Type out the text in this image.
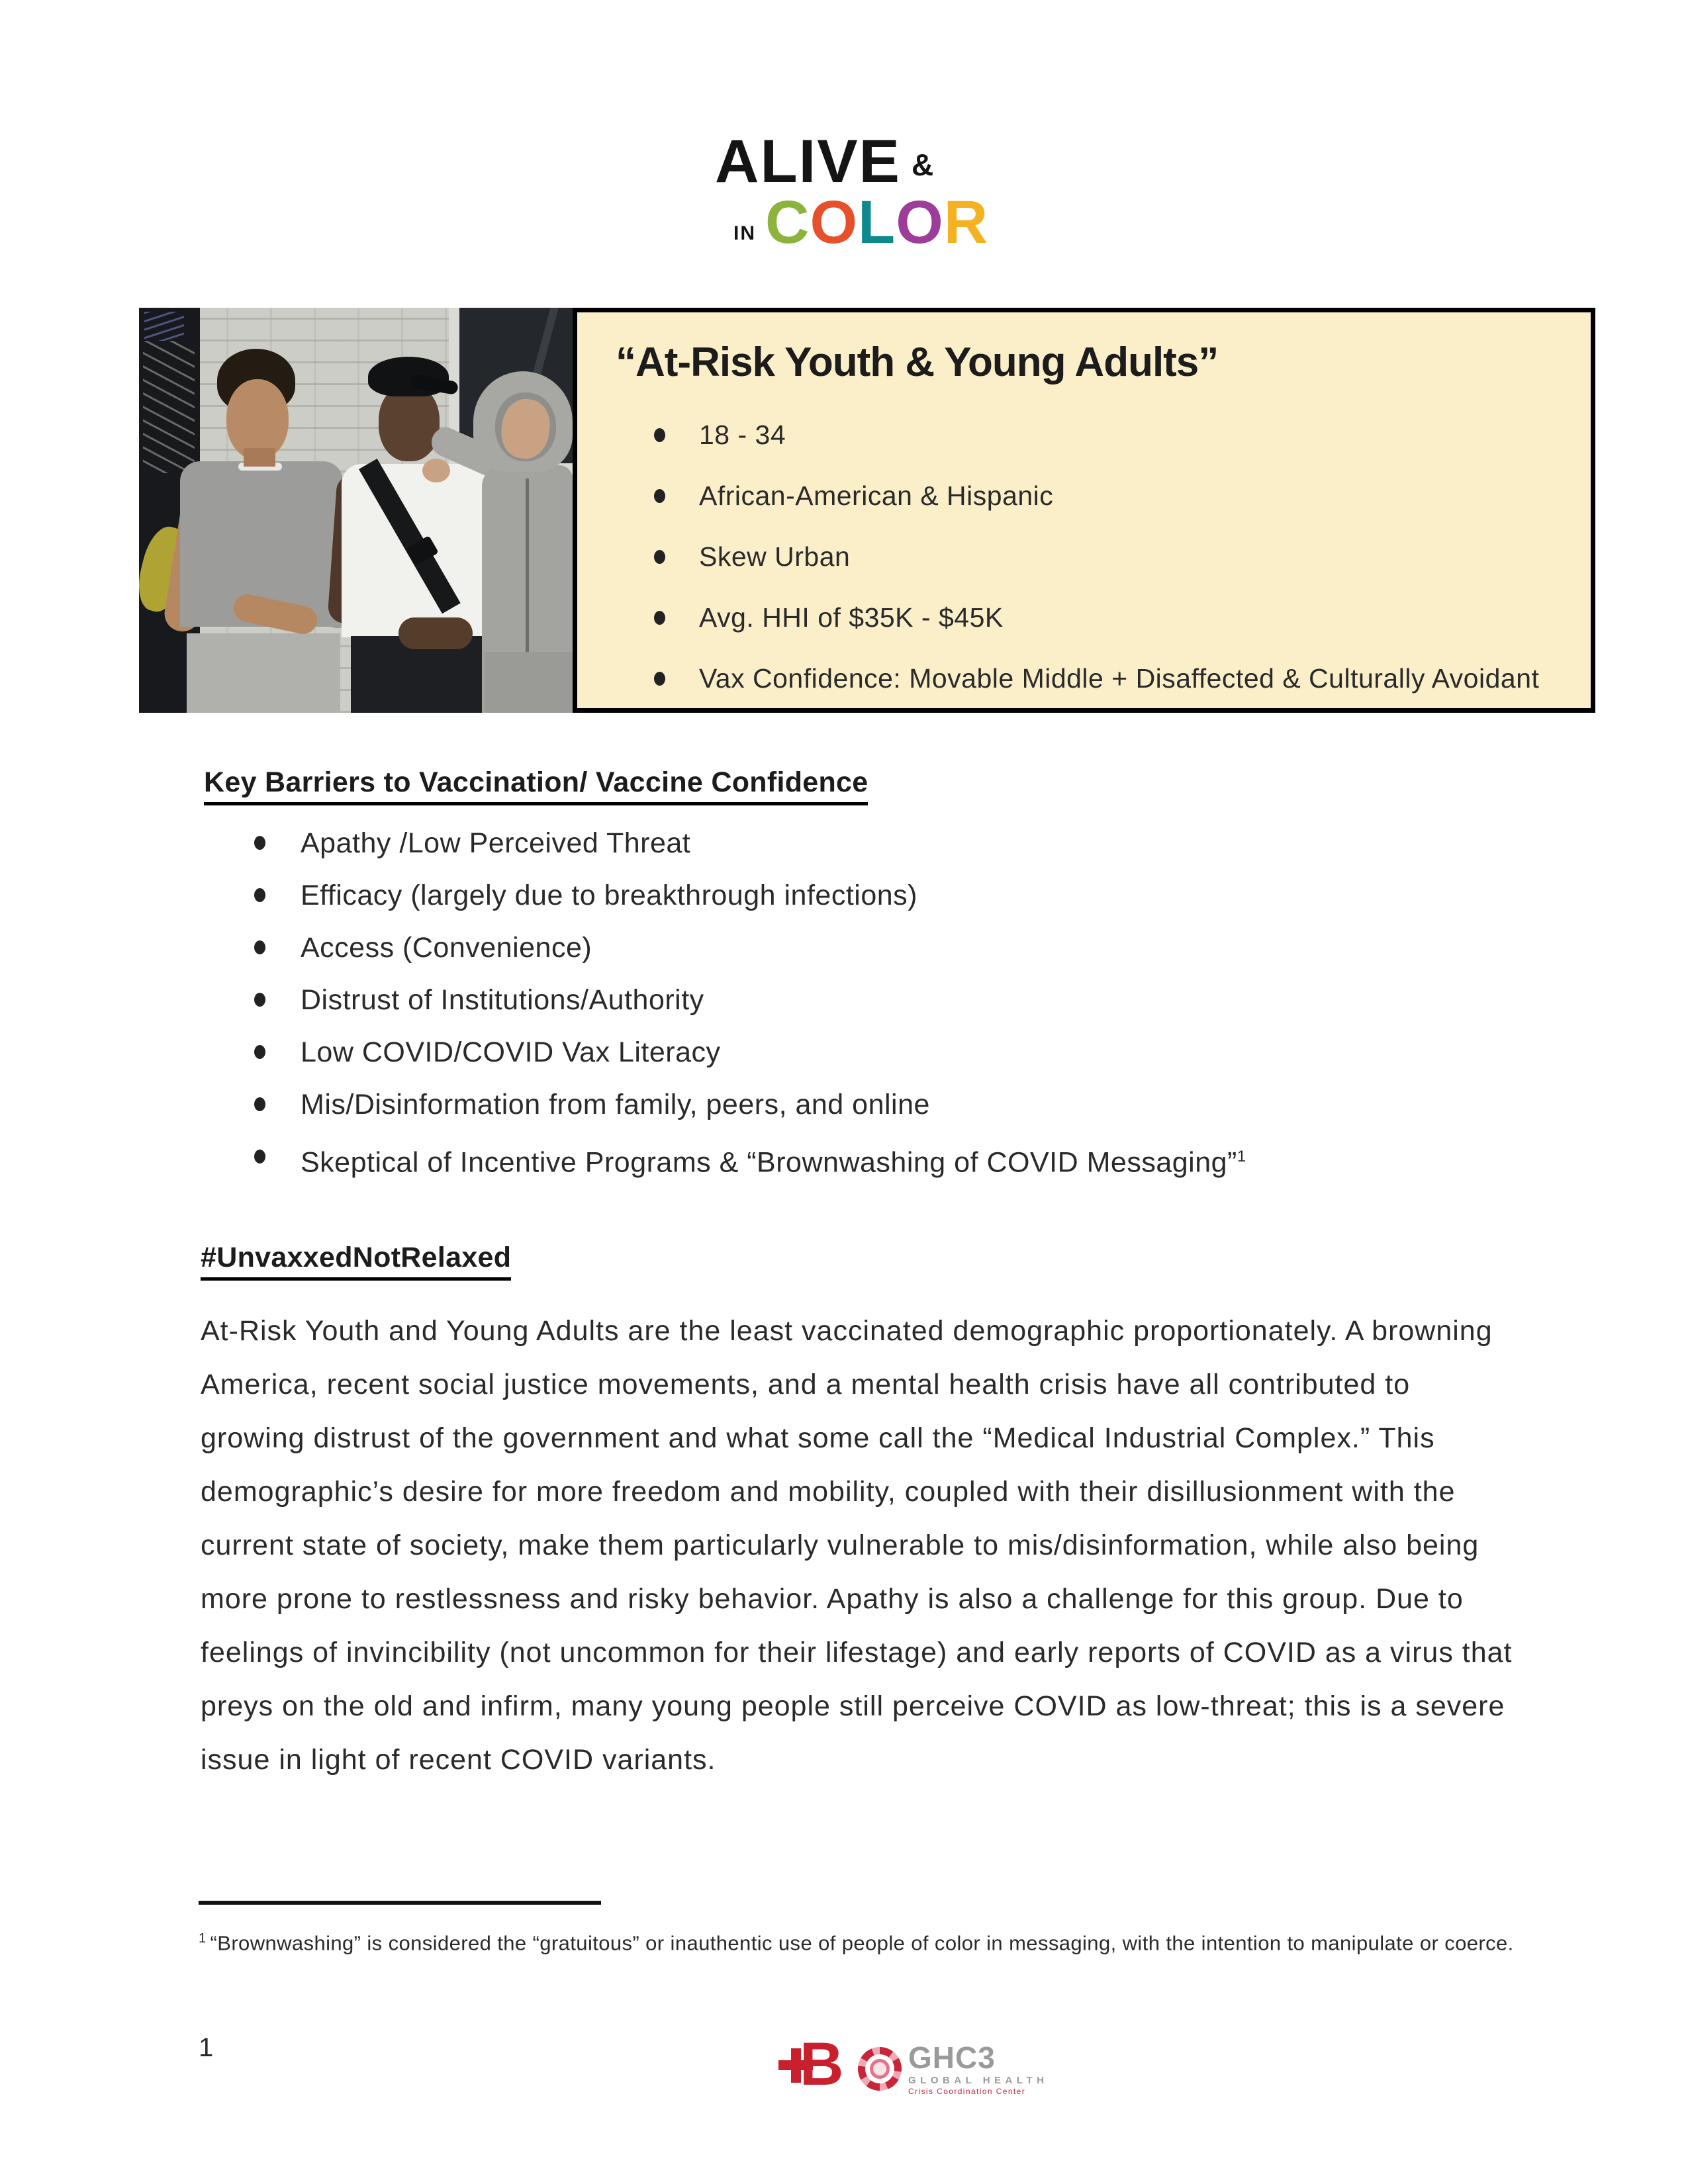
ALIVE &
IN C O L O R
“At-Risk Youth & Young Adults”
18 - 34
African-American & Hispanic
Skew Urban
Avg. HHI of $35K - $45K
Vax Confidence: Movable Middle + Disaffected & Culturally Avoidant
Key Barriers to Vaccination/ Vaccine Confidence
Apathy /Low Perceived Threat
Efficacy (largely due to breakthrough infections)
Access (Convenience)
Distrust of Institutions/Authority
Low COVID/COVID Vax Literacy
Mis/Disinformation from family, peers, and online
Skeptical of Incentive Programs & “Brownwashing of COVID Messaging”$^1$
#UnvaxxedNotRelaxed
At-Risk Youth and Young Adults are the least vaccinated demographic proportionately. A browning America, recent social justice movements, and a mental health crisis have all contributed to growing distrust of the government and what some call the “Medical Industrial Complex.” This demographic’s desire for more freedom and mobility, coupled with their disillusionment with the current state of society, make them particularly vulnerable to mis/disinformation, while also being more prone to restlessness and risky behavior. Apathy is also a challenge for this group. Due to feelings of invincibility (not uncommon for their lifestage) and early reports of COVID as a virus that preys on the old and infirm, many young people still perceive COVID as low-threat; this is a severe issue in light of recent COVID variants.
$^1$ “Brownwashing” is considered the “gratuitous” or inauthentic use of people of color in messaging, with the intention to manipulate or coerce.
1	B GHC3
GLOBAL HEALTH
Crisis Coordination Center
